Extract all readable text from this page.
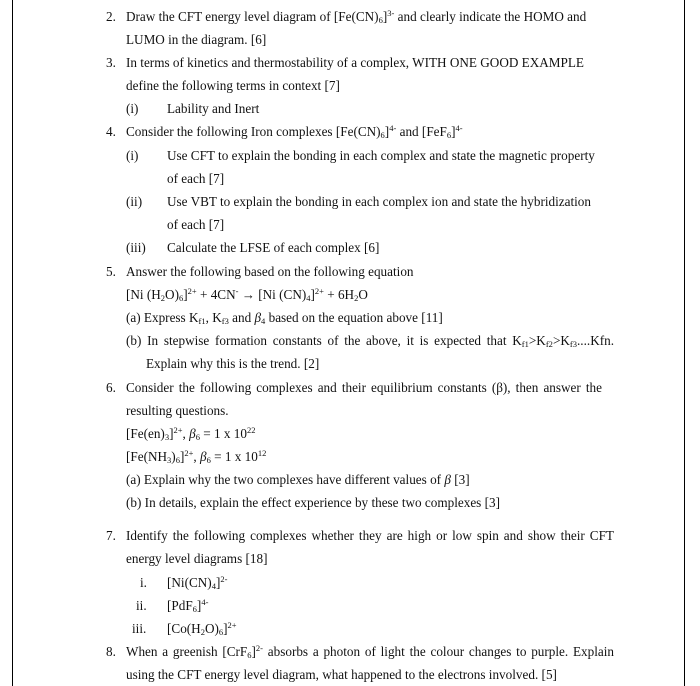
2. Draw the CFT energy level diagram of $[Fe(CN)_6]^{3-}$ and clearly indicate the HOMO and
LUMO in the diagram. [6]
3. In terms of kinetics and thermostability of a complex, WITH ONE GOOD EXAMPLE
define the following terms in context [7]
(i) Lability and Inert
4. Consider the following Iron complexes $[Fe(CN)_6]^{4-}$ and $[FeF_6]^{4-}$
(i) Use CFT to explain the bonding in each complex and state the magnetic property
of each [7]
(ii) Use VBT to explain the bonding in each complex ion and state the hybridization
of each [7]
(iii) Calculate the LFSE of each complex [6]
5. Answer the following based on the following equation
[Ni $(H_2O)_6]^{2+} + 4CN^- \to [Ni$ $(CN)_4]^{2+} + 6H_2O$
(a) Express $K_{f1}$, $K_{f3}$ and $\beta_4$ based on the equation above [11]
(b) In stepwise formation constants of the above, it is expected that $K_{f1}>K_{f2}>K_{f3}....Kfn$.
Explain why this is the trend. [2]
6. Consider the following complexes and their equilibrium constants (β), then answer the
resulting questions.
$[Fe(en)_3]^{2+}$, $\beta_6 = 1$ x $10^{22}$
$[Fe(NH_3)_6]^{2+}$, $\beta_6 = 1$ x $10^{12}$
(a) Explain why the two complexes have different values of β [3]
(b) In details, explain the effect experience by these two complexes [3]
7. Identify the following complexes whether they are high or low spin and show their CFT
energy level diagrams [18]
i. $[Ni(CN)_4]^{2-}$
ii. $[PdF_6]^{4-}$
iii. $[Co(H_2O)_6]^{2+}$
8. When a greenish $[CrF_6]^{2-}$ absorbs a photon of light the colour changes to purple. Explain
using the CFT energy level diagram, what happened to the electrons involved. [5]
